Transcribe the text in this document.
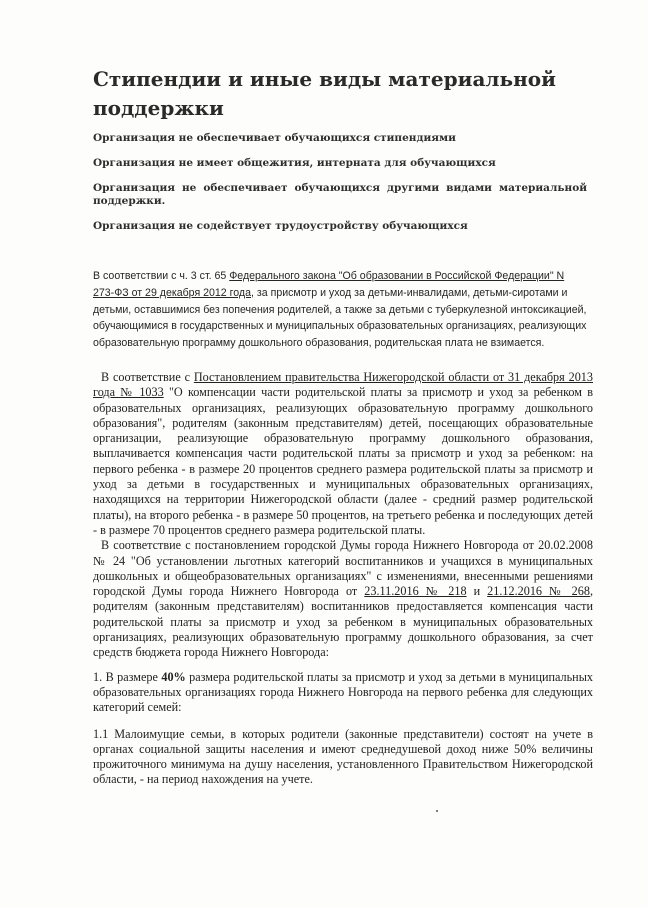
Стипендии и иные виды материальной поддержки

Организация не обеспечивает обучающихся стипендиями

Организация не имеет общежития, интерната для обучающихся

Организация не обеспечивает обучающихся другими видами материальной поддержки.

Организация не содействует трудоустройству обучающихся

В соответствии с ч. 3 ст. 65 Федерального закона "Об образовании в Российской Федерации" N 273-ФЗ от 29 декабря 2012 года, за присмотр и уход за детьми-инвалидами, детьми-сиротами и детьми, оставшимися без попечения родителей, а также за детьми с туберкулезной интоксикацией, обучающимися в государственных и муниципальных образовательных организациях, реализующих образовательную программу дошкольного образования, родительская плата не взимается.

В соответствие с Постановлением правительства Нижегородской области от 31 декабря 2013 года № 1033 "О компенсации части родительской платы за присмотр и уход за ребенком в образовательных организациях, реализующих образовательную программу дошкольного образования", родителям (законным представителям) детей, посещающих образовательные организации, реализующие образовательную программу дошкольного образования, выплачивается компенсация части родительской платы за присмотр и уход за ребенком: на первого ребенка - в размере 20 процентов среднего размера родительской платы за присмотр и уход за детьми в государственных и муниципальных образовательных организациях, находящихся на территории Нижегородской области (далее - средний размер родительской платы), на второго ребенка - в размере 50 процентов, на третьего ребенка и последующих детей - в размере 70 процентов среднего размера родительской платы.

В соответствие с постановлением городской Думы города Нижнего Новгорода от 20.02.2008 № 24 "Об установлении льготных категорий воспитанников и учащихся в муниципальных дошкольных и общеобразовательных организациях" с изменениями, внесенными решениями городской Думы города Нижнего Новгорода от 23.11.2016 № 218 и 21.12.2016 № 268, родителям (законным представителям) воспитанников предоставляется компенсация части родительской платы за присмотр и уход за ребенком в муниципальных образовательных организациях, реализующих образовательную программу дошкольного образования, за счет средств бюджета города Нижнего Новгорода:

1. В размере 40% размера родительской платы за присмотр и уход за детьми в муниципальных образовательных организациях города Нижнего Новгорода на первого ребенка для следующих категорий семей:

1.1 Малоимущие семьи, в которых родители (законные представители) состоят на учете в органах социальной защиты населения и имеют среднедушевой доход ниже 50% величины прожиточного минимума на душу населения, установленного Правительством Нижегородской области, - на период нахождения на учете.
